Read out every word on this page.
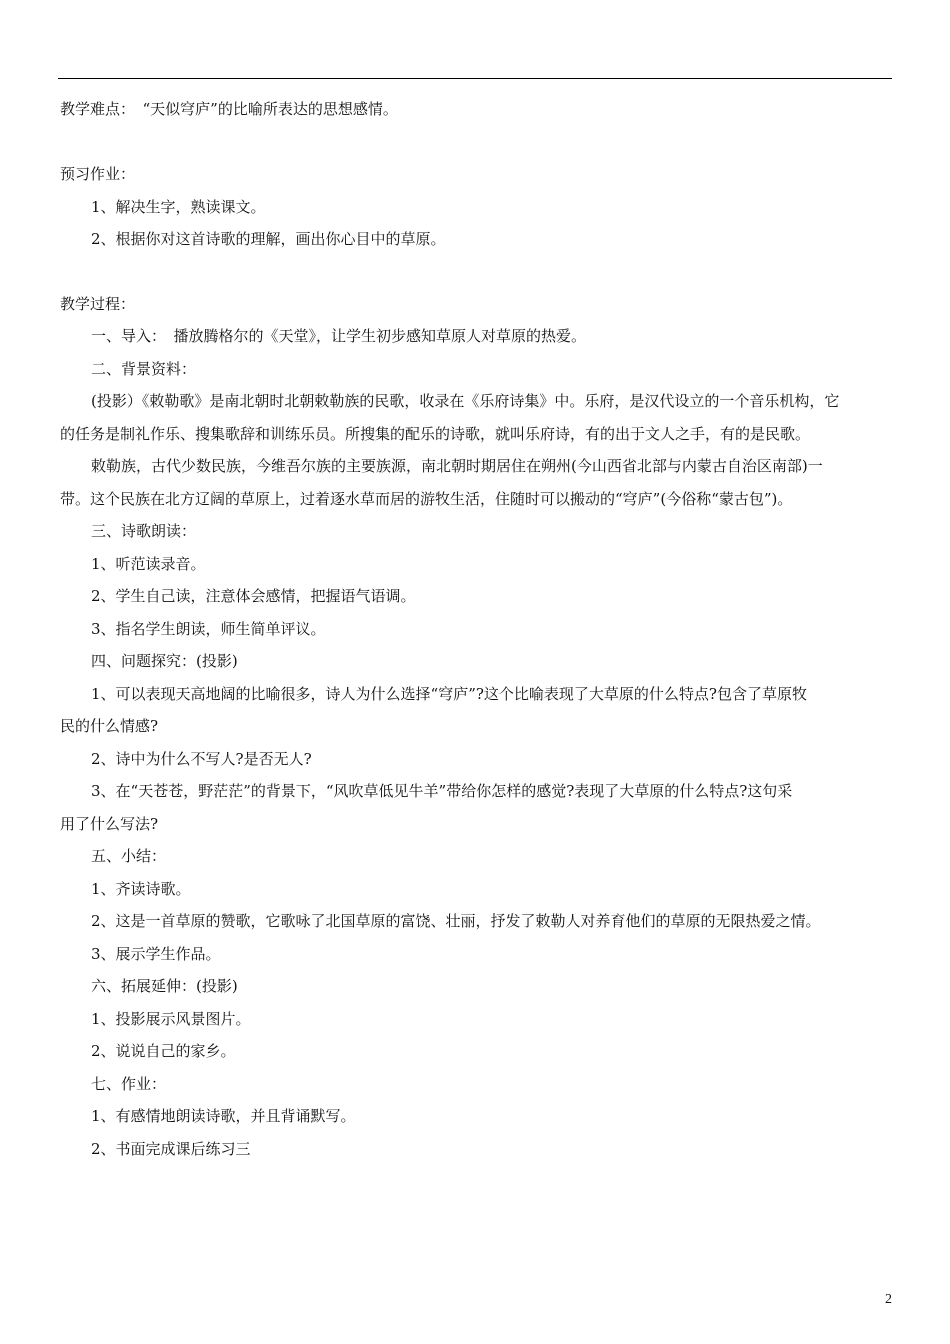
教学难点：　“天似穹庐”的比喻所表达的思想感情。
预习作业：
1、解决生字，熟读课文。
2、根据你对这首诗歌的理解，画出你心目中的草原。
教学过程：
一、导入：　播放腾格尔的《天堂》，让学生初步感知草原人对草原的热爱。
二、背景资料：
(投影）《敕勒歌》是南北朝时北朝敕勒族的民歌，收录在《乐府诗集》中。乐府，是汉代设立的一个音乐机构，它
的任务是制礼作乐、搜集歌辞和训练乐员。所搜集的配乐的诗歌，就叫乐府诗，有的出于文人之手，有的是民歌。
敕勒族，古代少数民族，今维吾尔族的主要族源，南北朝时期居住在朔州(今山西省北部与内蒙古自治区南部)一
带。这个民族在北方辽阔的草原上，过着逐水草而居的游牧生活，住随时可以搬动的“穹庐”(今俗称“蒙古包”)。
三、诗歌朗读：
1、听范读录音。
2、学生自己读，注意体会感情，把握语气语调。
3、指名学生朗读，师生简单评议。
四、问题探究：(投影)
1、可以表现天高地阔的比喻很多，诗人为什么选择“穹庐”?这个比喻表现了大草原的什么特点?包含了草原牧
民的什么情感?
2、诗中为什么不写人?是否无人?
3、在“天苍苍，野茫茫”的背景下，“风吹草低见牛羊”带给你怎样的感觉?表现了大草原的什么特点?这句采
用了什么写法?
五、小结：
1、齐读诗歌。
2、这是一首草原的赞歌，它歌咏了北国草原的富饶、壮丽，抒发了敕勒人对养育他们的草原的无限热爱之情。
3、展示学生作品。
六、拓展延伸：(投影)
1、投影展示风景图片。
2、说说自己的家乡。
七、作业：
1、有感情地朗读诗歌，并且背诵默写。
2、书面完成课后练习三
2
